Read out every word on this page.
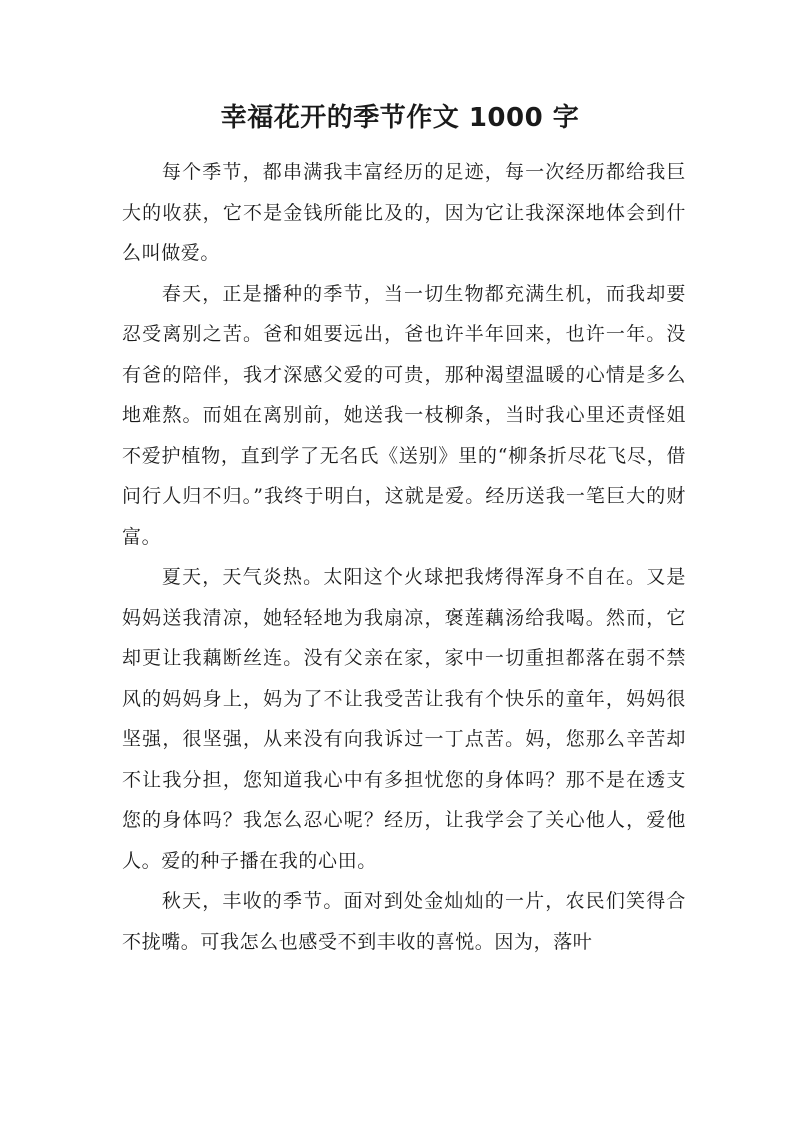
幸福花开的季节作文 1000 字

每个季节，都串满我丰富经历的足迹，每一次经历都给我巨大的收获，它不是金钱所能比及的，因为它让我深深地体会到什么叫做爱。

春天，正是播种的季节，当一切生物都充满生机，而我却要忍受离别之苦。爸和姐要远出，爸也许半年回来，也许一年。没有爸的陪伴，我才深感父爱的可贵，那种渴望温暖的心情是多么地难熬。而姐在离别前，她送我一枝柳条，当时我心里还责怪姐不爱护植物，直到学了无名氏《送别》里的“柳条折尽花飞尽，借问行人归不归。”我终于明白，这就是爱。经历送我一笔巨大的财富。

夏天，天气炎热。太阳这个火球把我烤得浑身不自在。又是妈妈送我清凉，她轻轻地为我扇凉，褒莲藕汤给我喝。然而，它却更让我藕断丝连。没有父亲在家，家中一切重担都落在弱不禁风的妈妈身上，妈为了不让我受苦让我有个快乐的童年，妈妈很坚强，很坚强，从来没有向我诉过一丁点苦。妈，您那么辛苦却不让我分担，您知道我心中有多担忧您的身体吗？那不是在透支您的身体吗？我怎么忍心呢？经历，让我学会了关心他人，爱他人。爱的种子播在我的心田。

秋天，丰收的季节。面对到处金灿灿的一片，农民们笑得合不拢嘴。可我怎么也感受不到丰收的喜悦。因为，落叶
